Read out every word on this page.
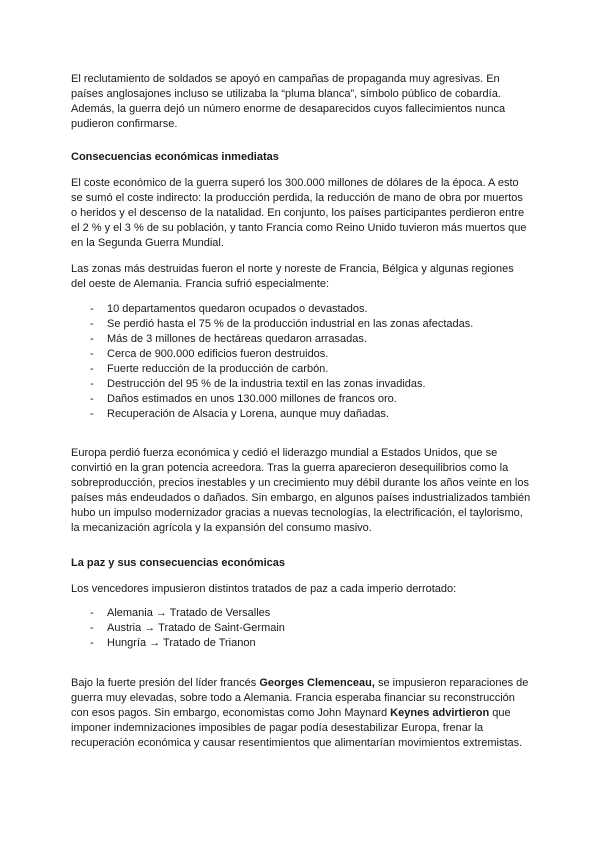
El reclutamiento de soldados se apoyó en campañas de propaganda muy agresivas. En países anglosajones incluso se utilizaba la “pluma blanca”, símbolo público de cobardía. Además, la guerra dejó un número enorme de desaparecidos cuyos fallecimientos nunca pudieron confirmarse.

Consecuencias económicas inmediatas

El coste económico de la guerra superó los 300.000 millones de dólares de la época. A esto se sumó el coste indirecto: la producción perdida, la reducción de mano de obra por muertos o heridos y el descenso de la natalidad. En conjunto, los países participantes perdieron entre el 2 % y el 3 % de su población, y tanto Francia como Reino Unido tuvieron más muertos que en la Segunda Guerra Mundial.

Las zonas más destruidas fueron el norte y noreste de Francia, Bélgica y algunas regiones del oeste de Alemania. Francia sufrió especialmente:

- 10 departamentos quedaron ocupados o devastados.
- Se perdió hasta el 75 % de la producción industrial en las zonas afectadas.
- Más de 3 millones de hectáreas quedaron arrasadas.
- Cerca de 900.000 edificios fueron destruidos.
- Fuerte reducción de la producción de carbón.
- Destrucción del 95 % de la industria textil en las zonas invadidas.
- Daños estimados en unos 130.000 millones de francos oro.
- Recuperación de Alsacia y Lorena, aunque muy dañadas.

Europa perdió fuerza económica y cedió el liderazgo mundial a Estados Unidos, que se convirtió en la gran potencia acreedora. Tras la guerra aparecieron desequilibrios como la sobreproducción, precios inestables y un crecimiento muy débil durante los años veinte en los países más endeudados o dañados. Sin embargo, en algunos países industrializados también hubo un impulso modernizador gracias a nuevas tecnologías, la electrificación, el taylorismo, la mecanización agrícola y la expansión del consumo masivo.

La paz y sus consecuencias económicas

Los vencedores impusieron distintos tratados de paz a cada imperio derrotado:

- Alemania → Tratado de Versalles
- Austria → Tratado de Saint-Germain
- Hungría → Tratado de Trianon

Bajo la fuerte presión del líder francés Georges Clemenceau, se impusieron reparaciones de guerra muy elevadas, sobre todo a Alemania. Francia esperaba financiar su reconstrucción con esos pagos. Sin embargo, economistas como John Maynard Keynes advirtieron que imponer indemnizaciones imposibles de pagar podía desestabilizar Europa, frenar la recuperación económica y causar resentimientos que alimentarían movimientos extremistas.
